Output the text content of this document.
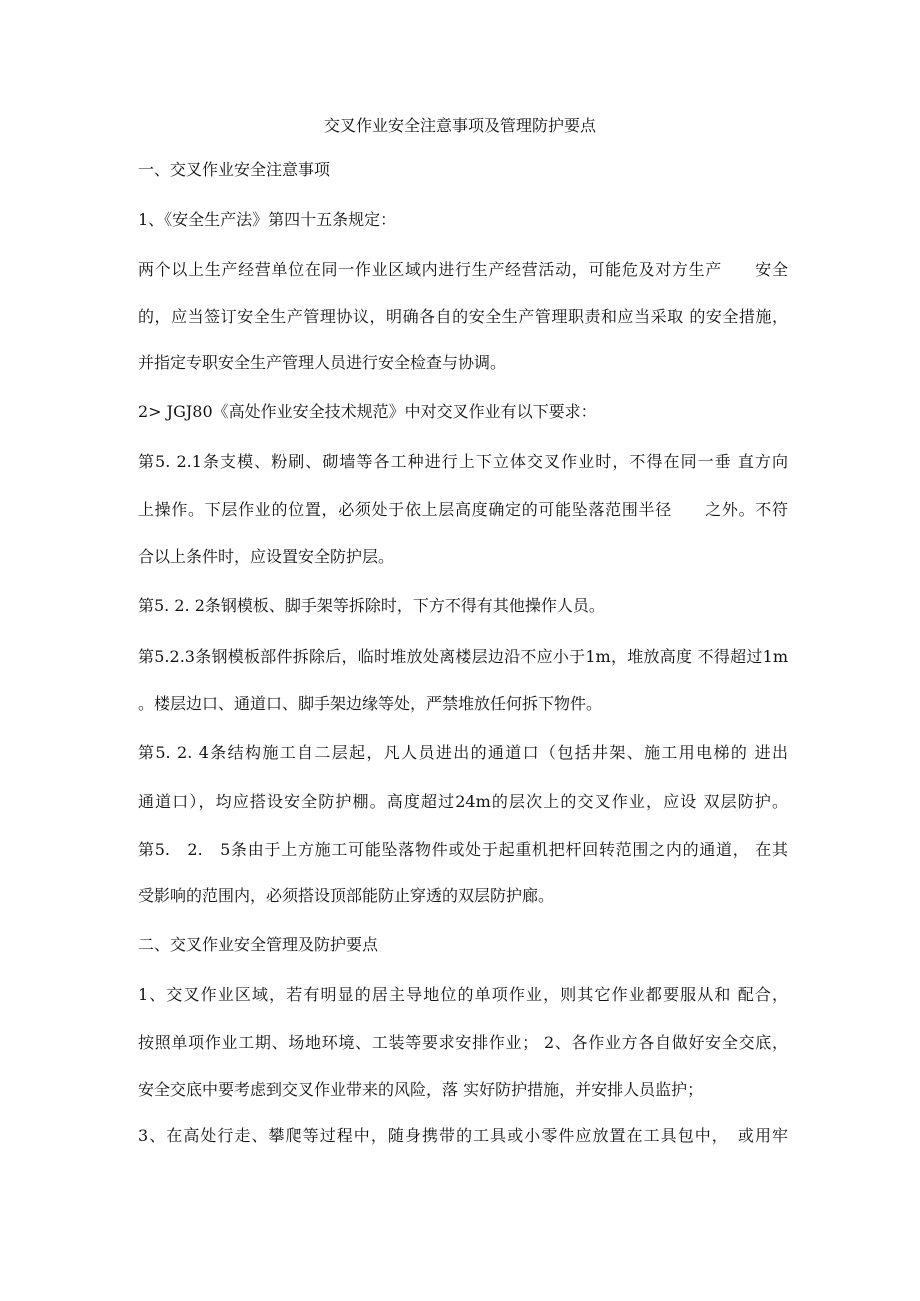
交叉作业安全注意事项及管理防护要点
一、交叉作业安全注意事项
1、《安全生产法》第四十五条规定：
两个以上生产经营单位在同一作业区域内进行生产经营活动，可能危及对方生产　　安全
的，应当签订安全生产管理协议，明确各自的安全生产管理职责和应当采取 的安全措施，
并指定专职安全生产管理人员进行安全检查与协调。
2> JGJ80《高处作业安全技术规范》中对交叉作业有以下要求：
第5. 2.1条支模、粉刷、砌墙等各工种进行上下立体交叉作业时，不得在同一垂 直方向
上操作。下层作业的位置，必须处于依上层高度确定的可能坠落范围半径　　之外。不符
合以上条件时，应设置安全防护层。
第5. 2. 2条钢模板、脚手架等拆除时，下方不得有其他操作人员。
第5.2.3条钢模板部件拆除后，临时堆放处离楼层边沿不应小于1m，堆放高度 不得超过1m
。楼层边口、通道口、脚手架边缘等处，严禁堆放任何拆下物件。
第5. 2. 4条结构施工自二层起，凡人员进出的通道口（包括井架、施工用电梯的 进出
通道口），均应搭设安全防护棚。高度超过24m的层次上的交叉作业，应设 双层防护。
第5.　2.　5条由于上方施工可能坠落物件或处于起重机把杆回转范围之内的通道， 在其
受影响的范围内，必须搭设顶部能防止穿透的双层防护廊。
二、交叉作业安全管理及防护要点
1、交叉作业区域，若有明显的居主导地位的单项作业，则其它作业都要服从和 配合，
按照单项作业工期、场地环境、工装等要求安排作业； 2、各作业方各自做好安全交底，
安全交底中要考虑到交叉作业带来的风险，落 实好防护措施，并安排人员监护；
3、在高处行走、攀爬等过程中，随身携带的工具或小零件应放置在工具包中，　或用牢
